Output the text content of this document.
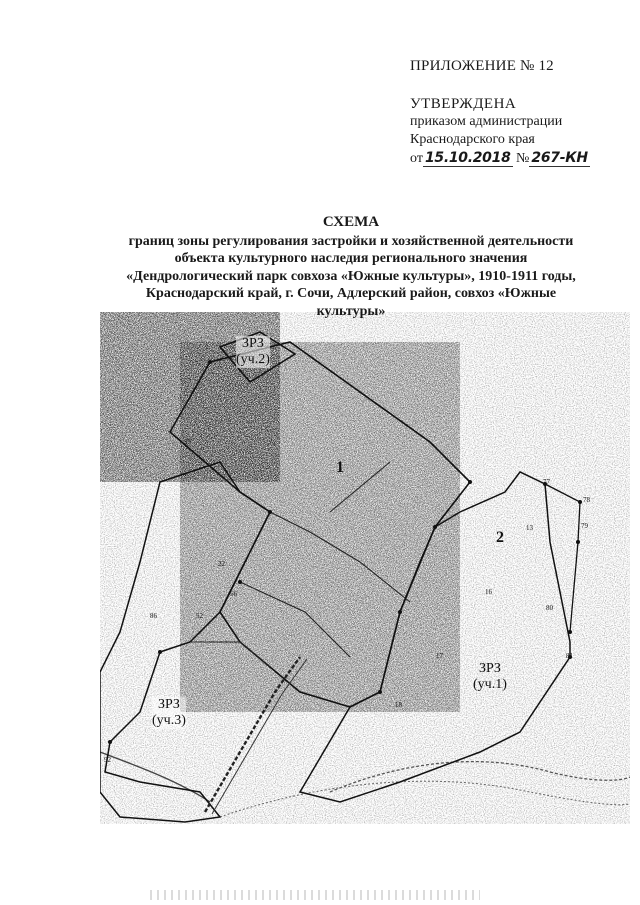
ПРИЛОЖЕНИЕ № 12
УТВЕРЖДЕНА
приказом администрации
Краснодарского края
от 15.10.2018 № 267-КН
СХЕМА
границ зоны регулирования застройки и хозяйственной деятельности
объекта культурного наследия регионального значения
«Дендрологический парк совхоза «Южные культуры», 1910-1911 годы,
Краснодарский край, г. Сочи, Адлерский район, совхоз «Южные
культуры»
77
78
79
80
81
16
17
18
13
86
92
52
56
37
22
1
2
ЗРЗ
(уч.2)
ЗРЗ
(уч.1)
ЗРЗ
(уч.3)
